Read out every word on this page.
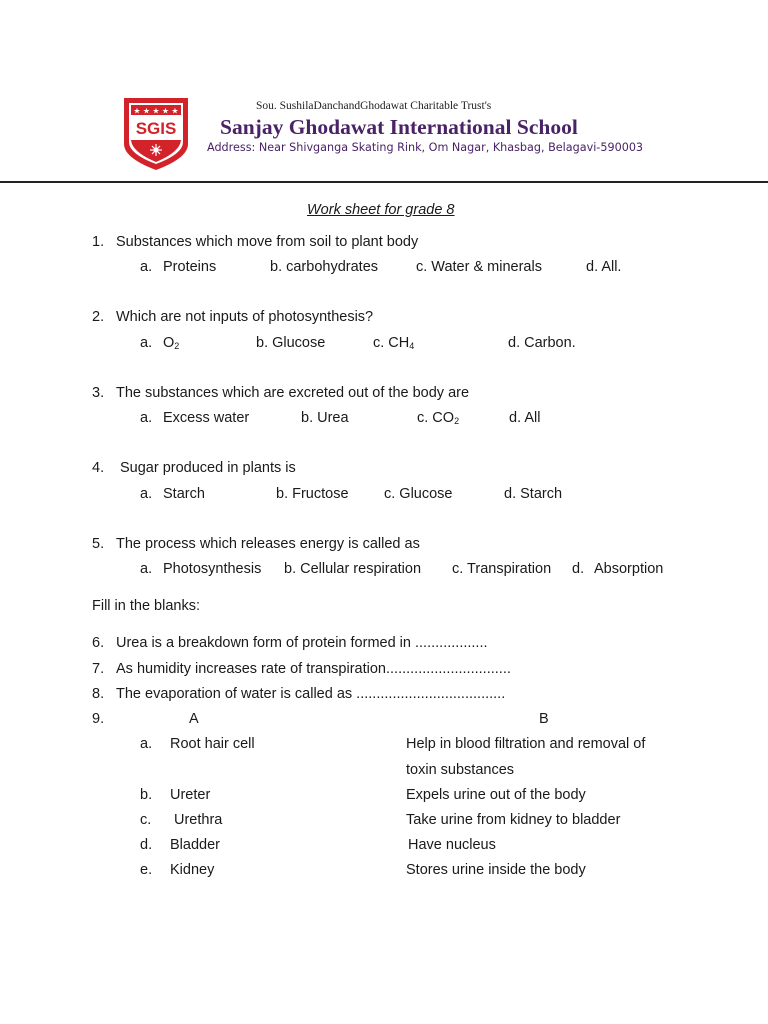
★ ★ ★ ★ ★
SGIS
Sou. SushilaDanchandGhodawat Charitable Trust's
Sanjay Ghodawat International School
Address: Near Shivganga Skating Rink, Om Nagar, Khasbag, Belagavi-590003
Work sheet for grade 8
1. Substances which move from soil to plant body
a. Proteins	b. carbohydrates	c. Water & minerals	d. All.
2. Which are not inputs of photosynthesis?
a. $O_2$	b. Glucose	c. $CH_4$	d. Carbon.
3. The substances which are excreted out of the body are
a. Excess water	b. Urea	c. $CO_2$	d. All
4. Sugar produced in plants is
a. Starch	b. Fructose c. Glucose	d. Starch
5. The process which releases energy is called as
a. Photosynthesis b. Cellular respiration c. Transpiration d. Absorption
Fill in the blanks:
6. Urea is a breakdown form of protein formed in ..................
7. As humidity increases rate of transpiration...............................
8. The evaporation of water is called as .....................................
9.	A	B
a. Root hair cell	Help in blood filtration and removal of
toxin substances
b. Ureter	Expels urine out of the body
c. Urethra	Take urine from kidney to bladder
d. Bladder	Have nucleus
e. Kidney	Stores urine inside the body
